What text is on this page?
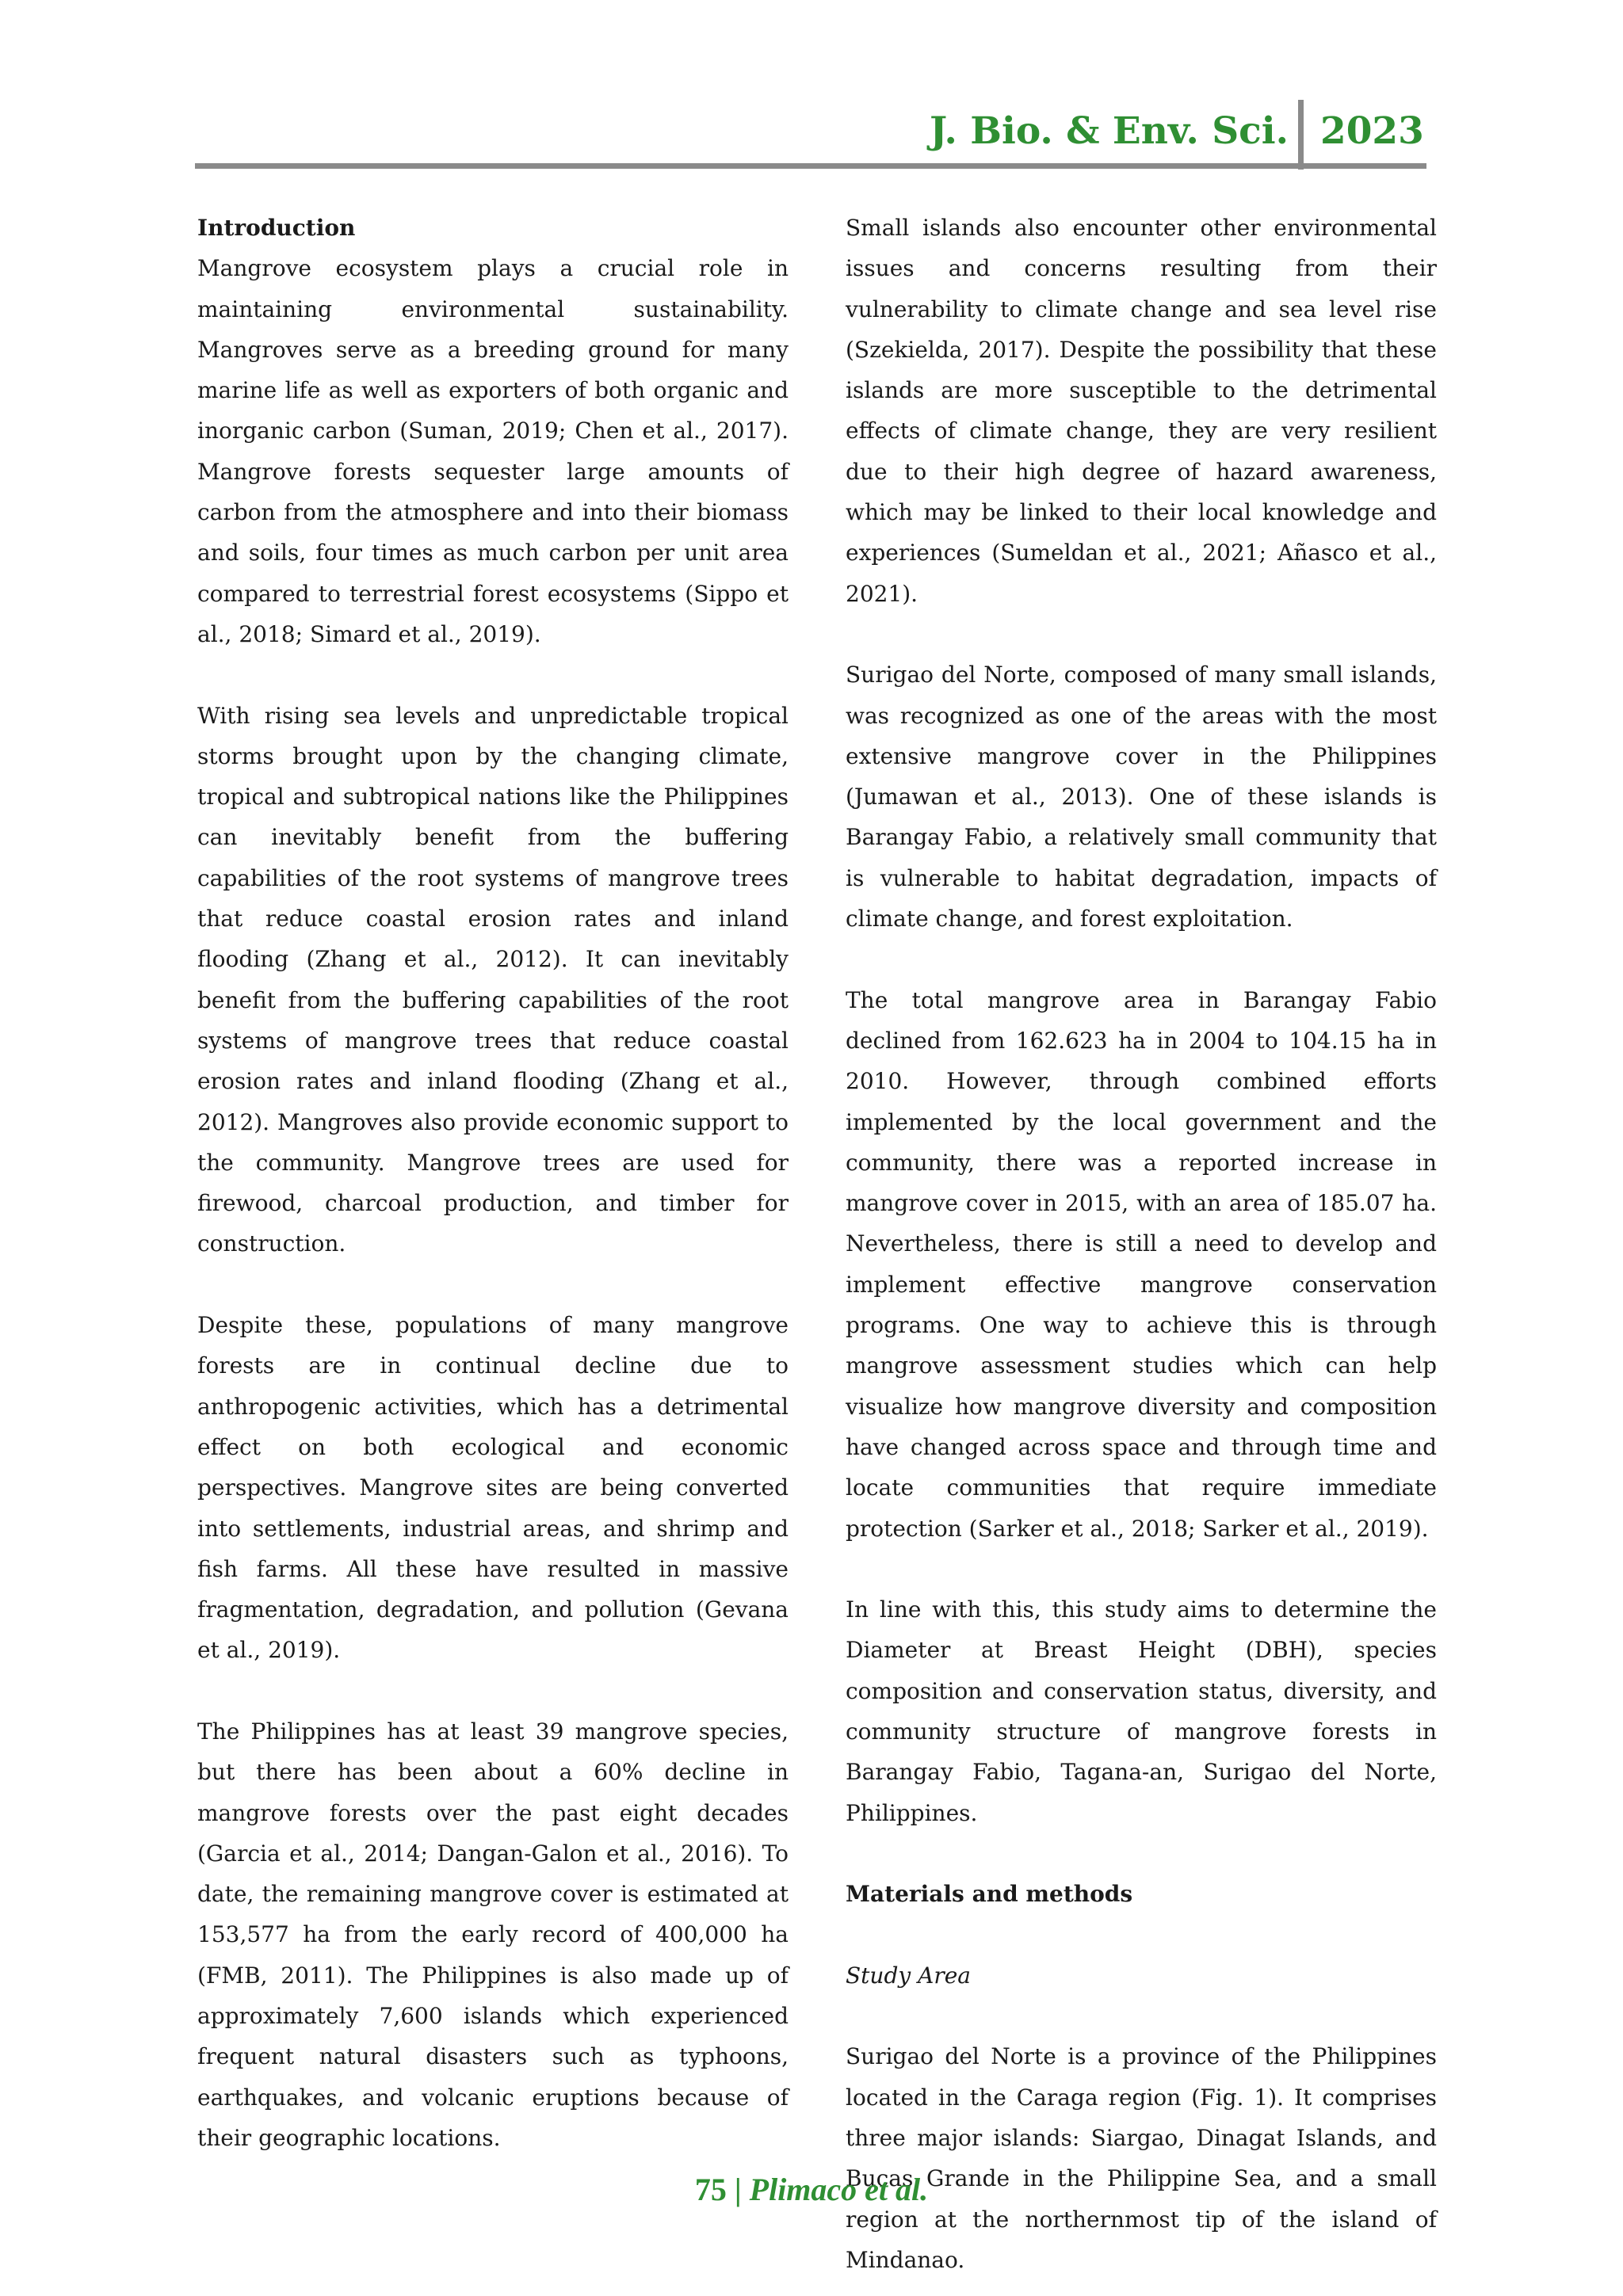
J. Bio. & Env. Sci. 2023

Introduction

Mangrove ecosystem plays a crucial role in maintaining environmental sustainability. Mangroves serve as a breeding ground for many marine life as well as exporters of both organic and inorganic carbon (Suman, 2019; Chen et al., 2017). Mangrove forests sequester large amounts of carbon from the atmosphere and into their biomass and soils, four times as much carbon per unit area compared to terrestrial forest ecosystems (Sippo et al., 2018; Simard et al., 2019).

With rising sea levels and unpredictable tropical storms brought upon by the changing climate, tropical and subtropical nations like the Philippines can inevitably benefit from the buffering capabilities of the root systems of mangrove trees that reduce coastal erosion rates and inland flooding (Zhang et al., 2012). It can inevitably benefit from the buffering capabilities of the root systems of mangrove trees that reduce coastal erosion rates and inland flooding (Zhang et al., 2012). Mangroves also provide economic support to the community. Mangrove trees are used for firewood, charcoal production, and timber for construction.

Despite these, populations of many mangrove forests are in continual decline due to anthropogenic activities, which has a detrimental effect on both ecological and economic perspectives. Mangrove sites are being converted into settlements, industrial areas, and shrimp and fish farms. All these have resulted in massive fragmentation, degradation, and pollution (Gevana et al., 2019).

The Philippines has at least 39 mangrove species, but there has been about a 60% decline in mangrove forests over the past eight decades (Garcia et al., 2014; Dangan-Galon et al., 2016). To date, the remaining mangrove cover is estimated at 153,577 ha from the early record of 400,000 ha (FMB, 2011). The Philippines is also made up of approximately 7,600 islands which experienced frequent natural disasters such as typhoons, earthquakes, and volcanic eruptions because of their geographic locations.

Small islands also encounter other environmental issues and concerns resulting from their vulnerability to climate change and sea level rise (Szekielda, 2017). Despite the possibility that these islands are more susceptible to the detrimental effects of climate change, they are very resilient due to their high degree of hazard awareness, which may be linked to their local knowledge and experiences (Sumeldan et al., 2021; Añasco et al., 2021).

Surigao del Norte, composed of many small islands, was recognized as one of the areas with the most extensive mangrove cover in the Philippines (Jumawan et al., 2013). One of these islands is Barangay Fabio, a relatively small community that is vulnerable to habitat degradation, impacts of climate change, and forest exploitation.

The total mangrove area in Barangay Fabio declined from 162.623 ha in 2004 to 104.15 ha in 2010. However, through combined efforts implemented by the local government and the community, there was a reported increase in mangrove cover in 2015, with an area of 185.07 ha. Nevertheless, there is still a need to develop and implement effective mangrove conservation programs. One way to achieve this is through mangrove assessment studies which can help visualize how mangrove diversity and composition have changed across space and through time and locate communities that require immediate protection (Sarker et al., 2018; Sarker et al., 2019).

In line with this, this study aims to determine the Diameter at Breast Height (DBH), species composition and conservation status, diversity, and community structure of mangrove forests in Barangay Fabio, Tagana-an, Surigao del Norte, Philippines.

Materials and methods

Study Area

Surigao del Norte is a province of the Philippines located in the Caraga region (Fig. 1). It comprises three major islands: Siargao, Dinagat Islands, and Bucas Grande in the Philippine Sea, and a small region at the northernmost tip of the island of Mindanao.

75 | Plimaco et al.
